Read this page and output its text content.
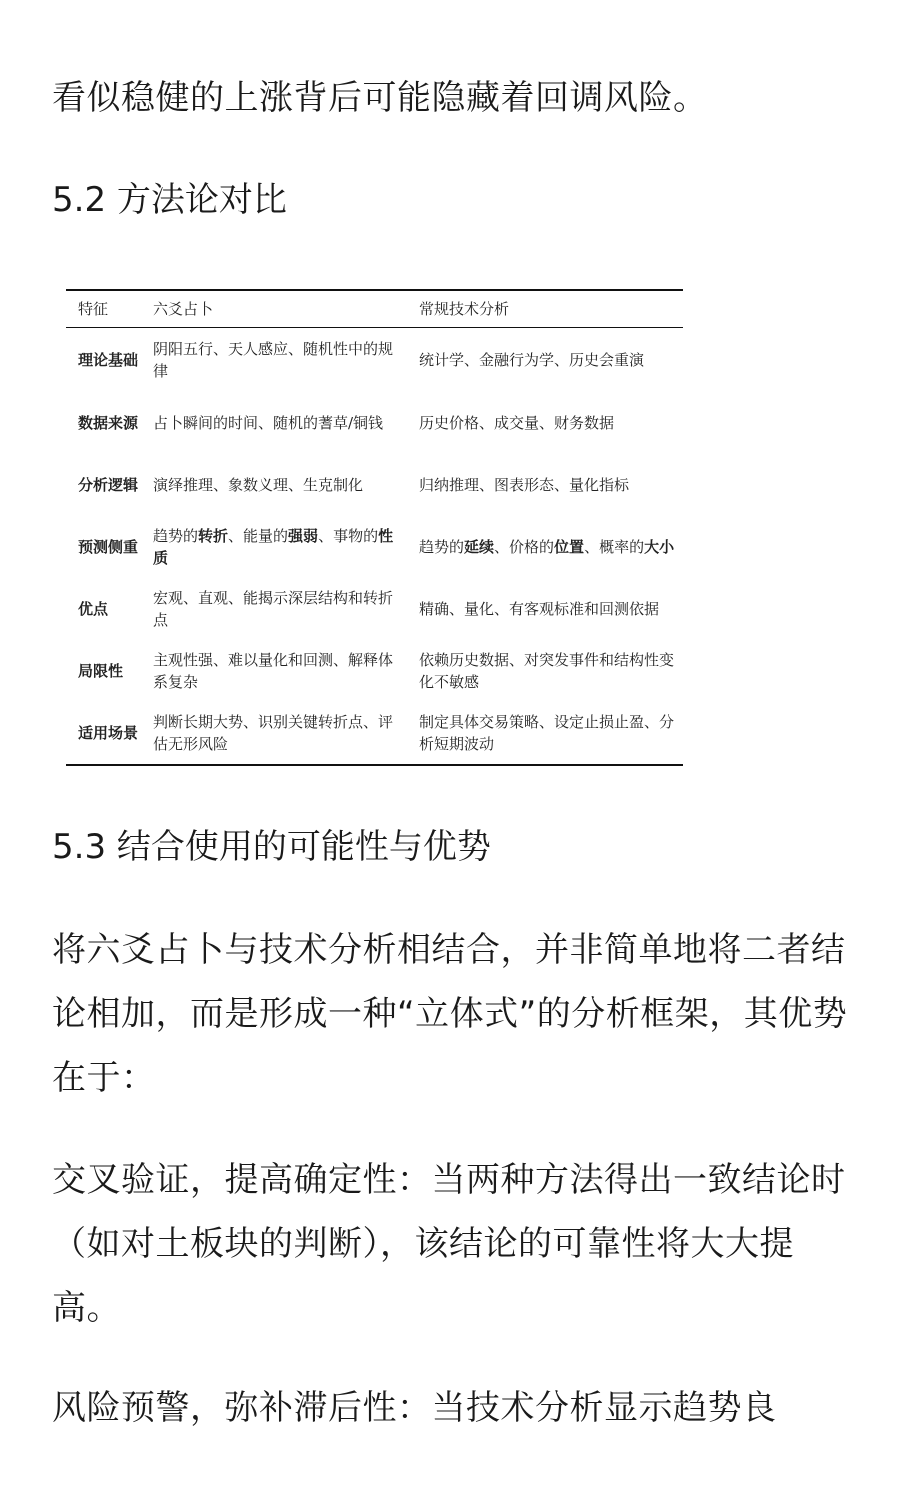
看似稳健的上涨背后可能隐藏着回调风险。

5.2 方法论对比
特征	六爻占卜	常规技术分析
理论基础	阴阳五行、天人感应、随机性中的规律	统计学、金融行为学、历史会重演
数据来源	占卜瞬间的时间、随机的蓍草/铜钱	历史价格、成交量、财务数据
分析逻辑	演绎推理、象数义理、生克制化	归纳推理、图表形态、量化指标
预测侧重	趋势的转折、能量的强弱、事物的性质	趋势的延续、价格的位置、概率的大小
优点	宏观、直观、能揭示深层结构和转折点	精确、量化、有客观标准和回测依据
局限性	主观性强、难以量化和回测、解释体系复杂	依赖历史数据、对突发事件和结构性变化不敏感
适用场景	判断长期大势、识别关键转折点、评估无形风险	制定具体交易策略、设定止损止盈、分析短期波动
5.3 结合使用的可能性与优势

将六爻占卜与技术分析相结合，并非简单地将二者结论相加，而是形成一种“立体式”的分析框架，其优势在于：

交叉验证，提高确定性：当两种方法得出一致结论时（如对土板块的判断），该结论的可靠性将大大提高。

风险预警，弥补滞后性：当技术分析显示趋势良
